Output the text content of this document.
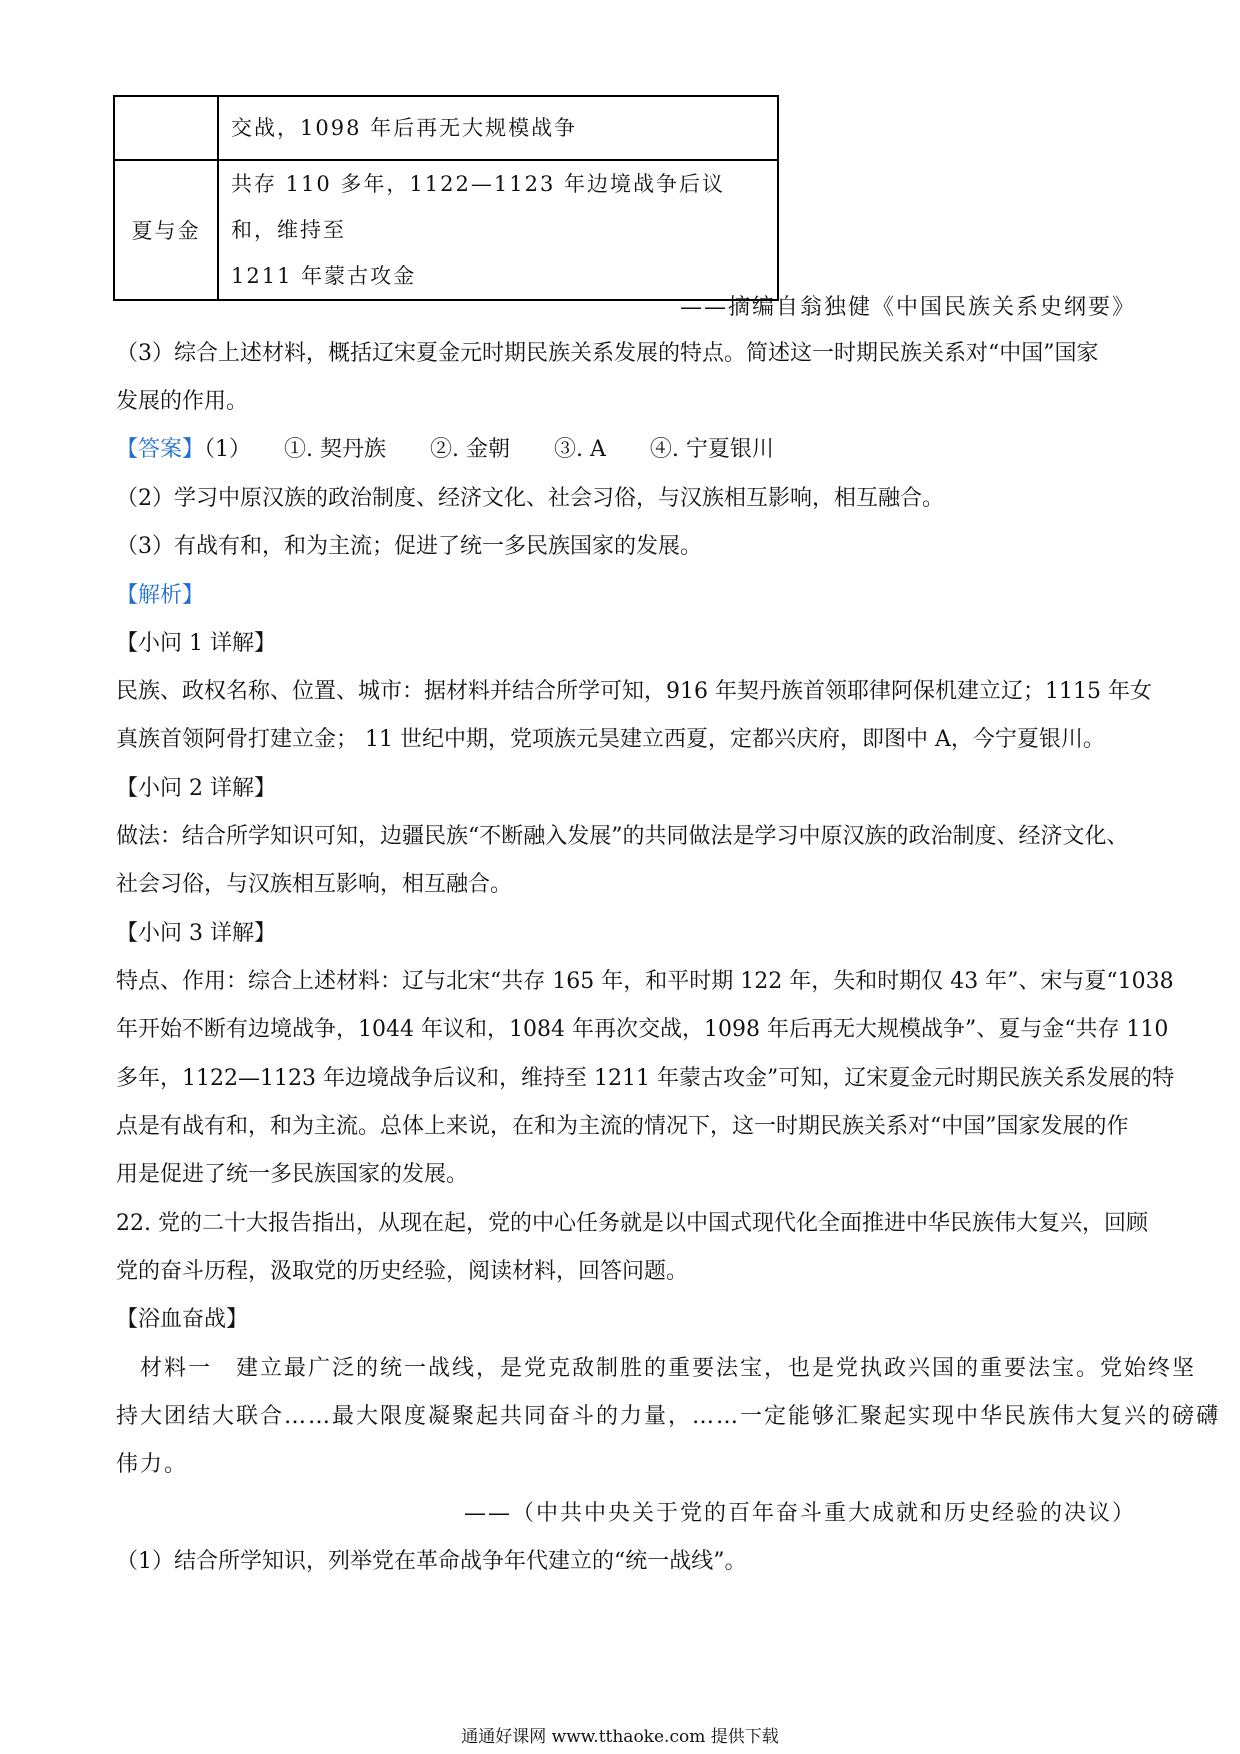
	交战，1098 年后再无大规模战争
夏与金	共存 110 多年，1122—1123 年边境战争后议和，维持至
1211 年蒙古攻金
——摘编自翁独健《中国民族关系史纲要》
（3）综合上述材料，概括辽宋夏金元时期民族关系发展的特点。简述这一时期民族关系对“中国”国家
发展的作用。
【答案】（1）　　①. 契丹族　　②. 金朝　　③. A　　④. 宁夏银川
（2）学习中原汉族的政治制度、经济文化、社会习俗，与汉族相互影响，相互融合。
（3）有战有和，和为主流；促进了统一多民族国家的发展。
【解析】
【小问 1 详解】
民族、政权名称、位置、城市：据材料并结合所学可知，916 年契丹族首领耶律阿保机建立辽；1115 年女
真族首领阿骨打建立金； 11 世纪中期，党项族元昊建立西夏，定都兴庆府，即图中 A，今宁夏银川。
【小问 2 详解】
做法：结合所学知识可知，边疆民族“不断融入发展”的共同做法是学习中原汉族的政治制度、经济文化、
社会习俗，与汉族相互影响，相互融合。
【小问 3 详解】
特点、作用：综合上述材料：辽与北宋“共存 165 年，和平时期 122 年，失和时期仅 43 年”、宋与夏“1038
年开始不断有边境战争，1044 年议和，1084 年再次交战，1098 年后再无大规模战争”、夏与金“共存 110
多年，1122—1123 年边境战争后议和，维持至 1211 年蒙古攻金”可知，辽宋夏金元时期民族关系发展的特
点是有战有和，和为主流。总体上来说，在和为主流的情况下，这一时期民族关系对“中国”国家发展的作
用是促进了统一多民族国家的发展。
22. 党的二十大报告指出，从现在起，党的中心任务就是以中国式现代化全面推进中华民族伟大复兴，回顾
党的奋斗历程，汲取党的历史经验，阅读材料，回答问题。
【浴血奋战】
　材料一　建立最广泛的统一战线，是党克敌制胜的重要法宝，也是党执政兴国的重要法宝。党始终坚
持大团结大联合……最大限度凝聚起共同奋斗的力量，……一定能够汇聚起实现中华民族伟大复兴的磅礴
伟力。
——（中共中央关于党的百年奋斗重大成就和历史经验的决议）
（1）结合所学知识，列举党在革命战争年代建立的“统一战线”。
通通好课网 www.tthaoke.com 提供下载
